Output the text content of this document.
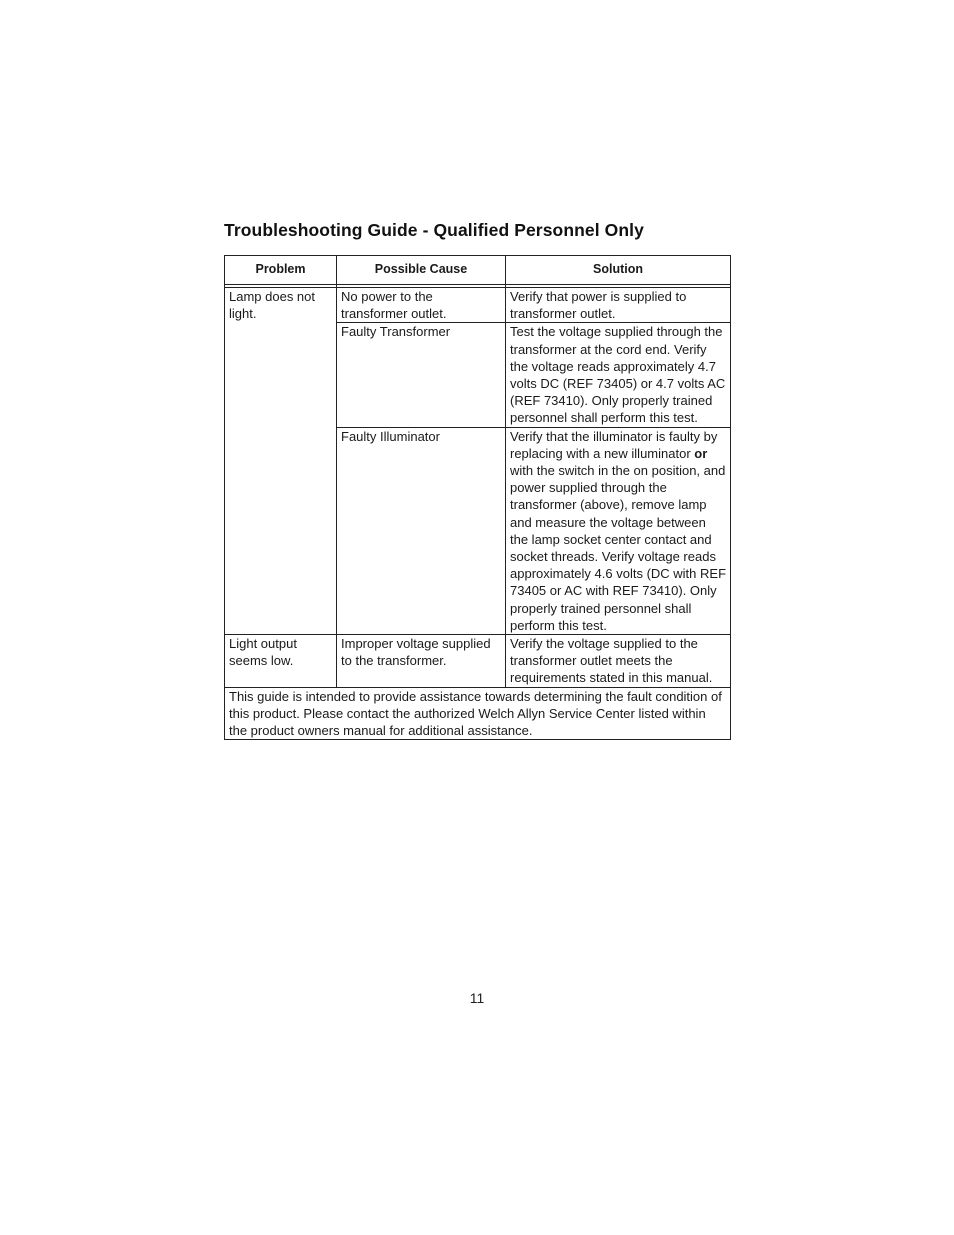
Troubleshooting Guide - Qualified Personnel Only
Problem	Possible Cause	Solution

Lamp does not light.	No power to the transformer outlet.	Verify that power is supplied to transformer outlet.
	Faulty Transformer	Test the voltage supplied through the transformer at the cord end. Verify the voltage reads approximately 4.7 volts DC (REF 73405) or 4.7 volts AC (REF 73410). Only properly trained personnel shall perform this test.
	Faulty Illuminator	Verify that the illuminator is faulty by replacing with a new illuminator or with the switch in the on position, and power supplied through the transformer (above), remove lamp and measure the voltage between the lamp socket center contact and socket threads. Verify voltage reads approximately 4.6 volts (DC with REF 73405 or AC with REF 73410). Only properly trained personnel shall perform this test.
Light output seems low.	Improper voltage supplied to the transformer.	Verify the voltage supplied to the transformer outlet meets the requirements stated in this manual.
This guide is intended to provide assistance towards determining the fault condition of this product. Please contact the authorized Welch Allyn Service Center listed within the product owners manual for additional assistance.		
11
